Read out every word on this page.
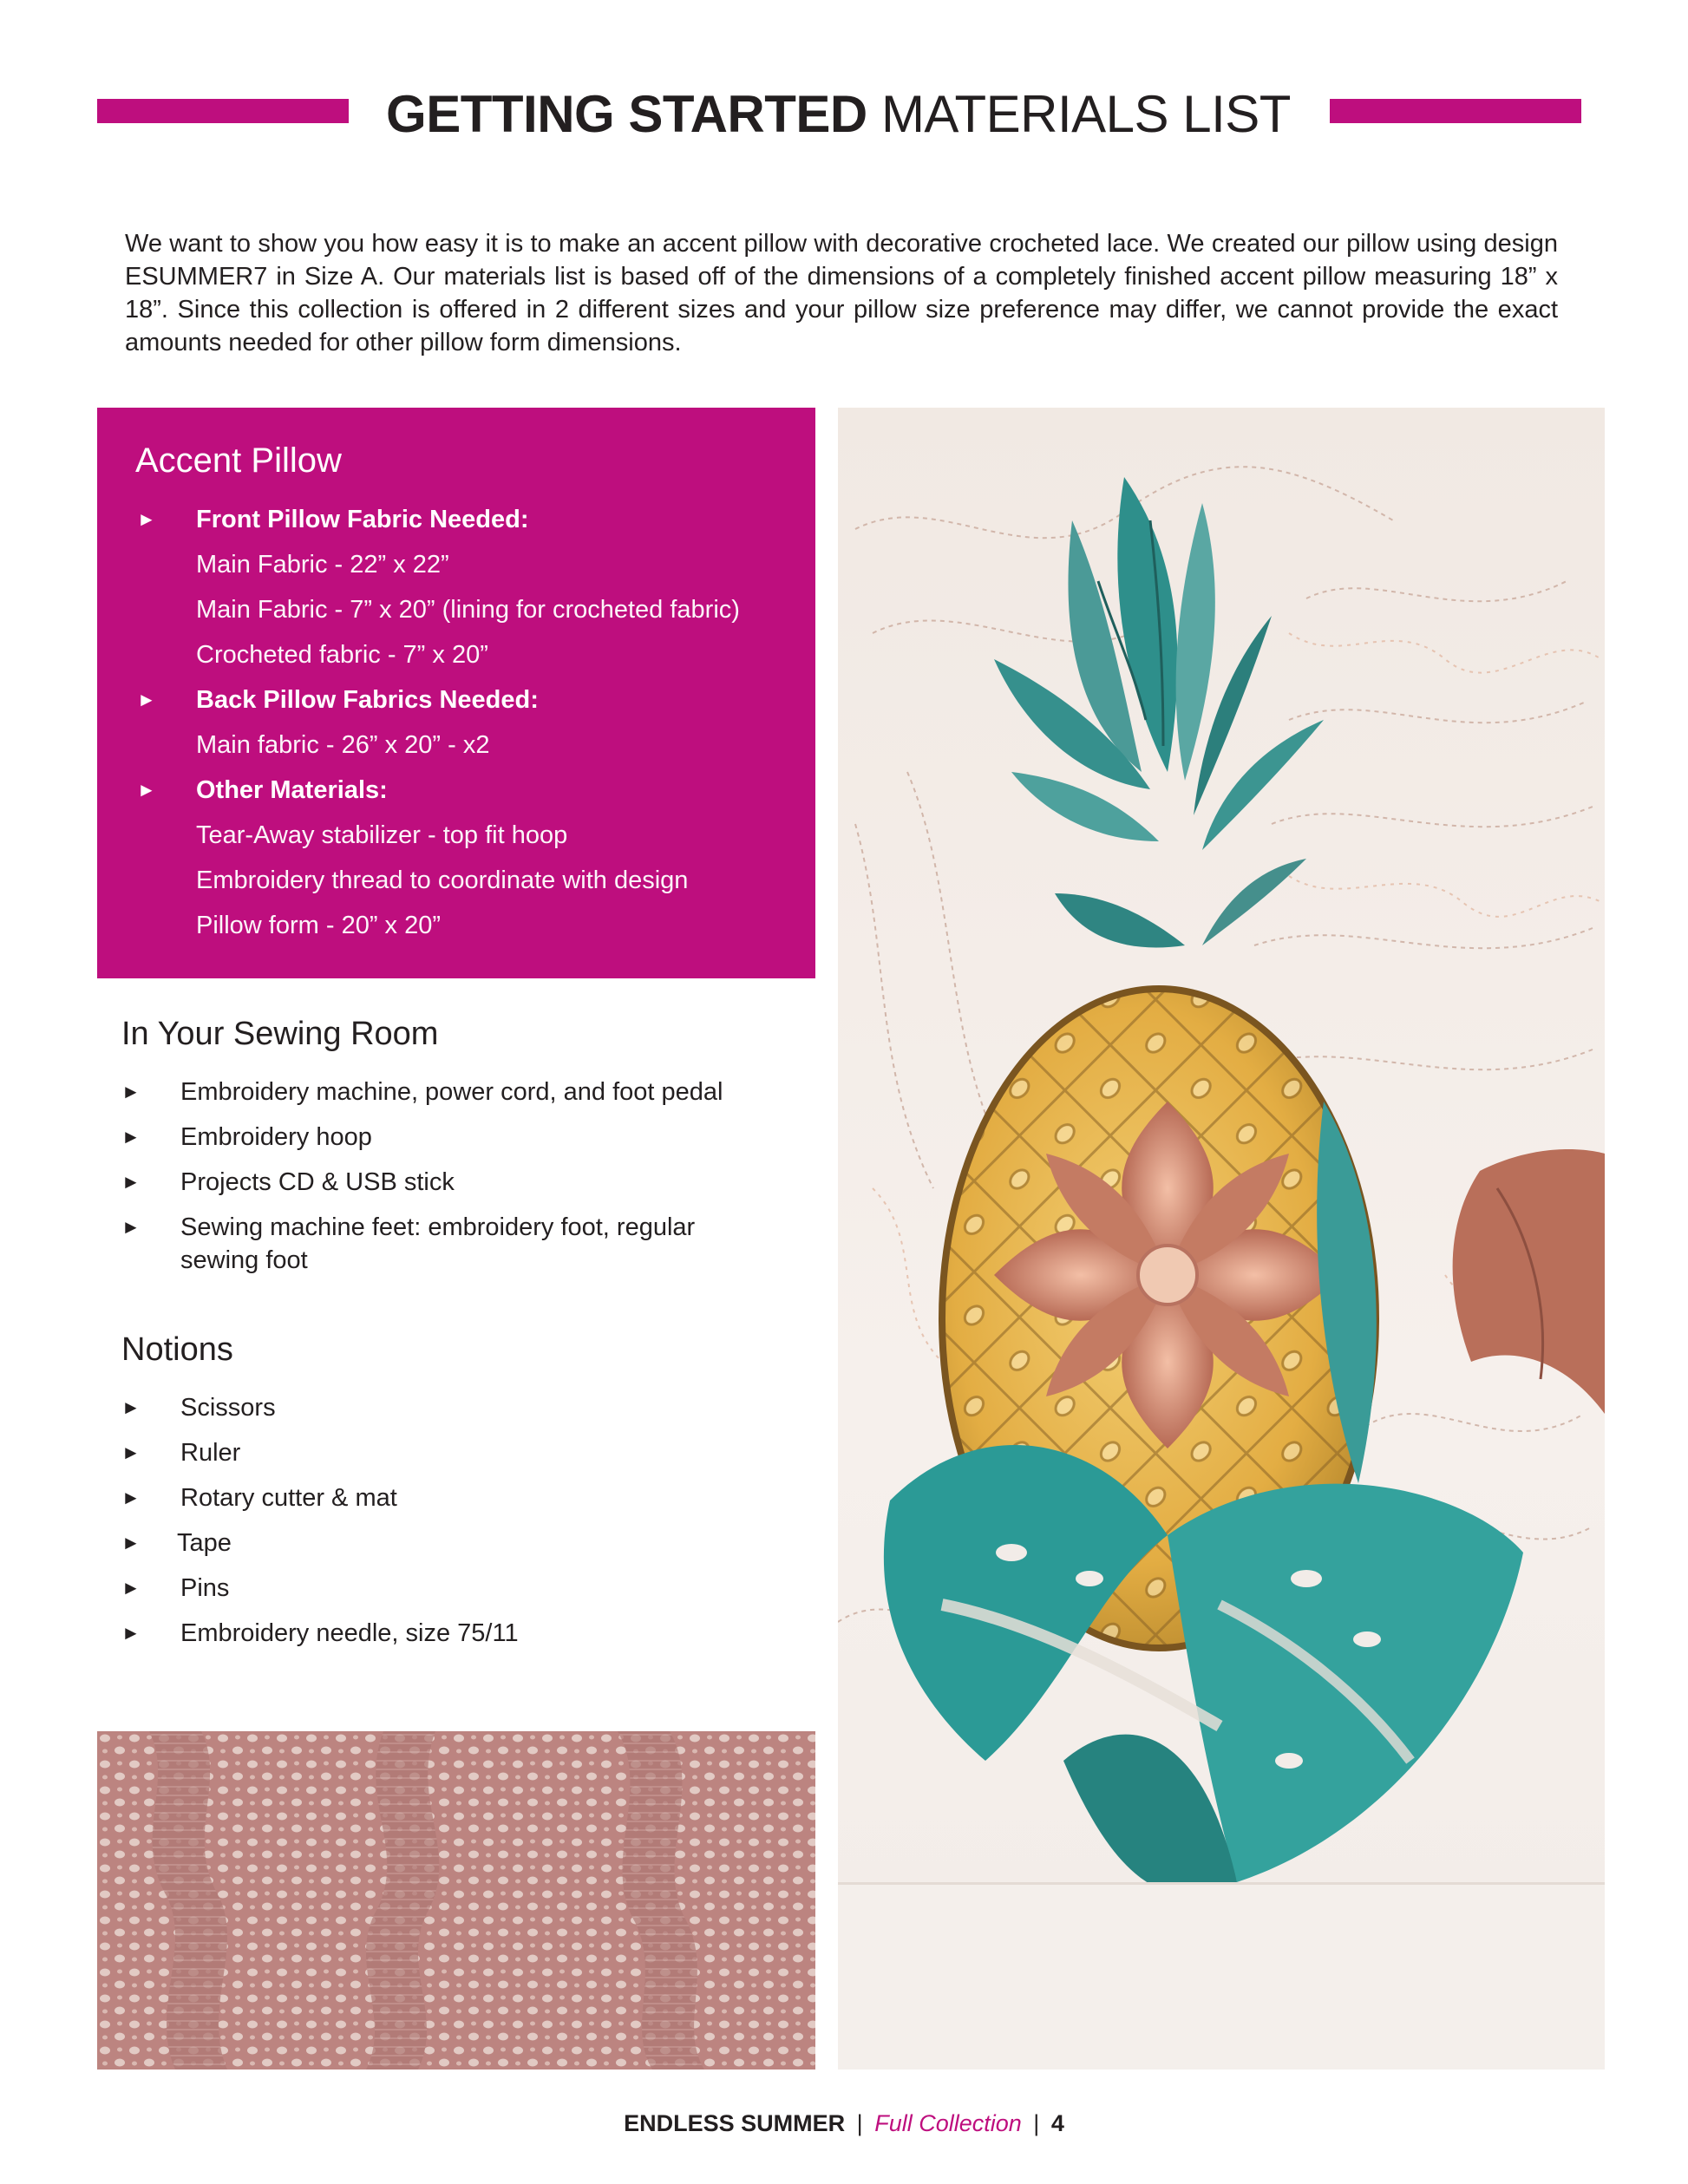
GETTING STARTED MATERIALS LIST

We want to show you how easy it is to make an accent pillow with decorative crocheted lace. We created our pillow using design ESUMMER7 in Size A. Our materials list is based off of the dimensions of a completely finished accent pillow measuring 18” x 18”. Since this collection is offered in 2 different sizes and your pillow size preference may differ, we cannot provide the exact amounts needed for other pillow form dimensions.

Accent Pillow
► Front Pillow Fabric Needed:
Main Fabric - 22” x 22”
Main Fabric - 7” x 20” (lining for crocheted fabric)
Crocheted fabric - 7” x 20”
► Back Pillow Fabrics Needed:
Main fabric - 26” x 20” - x2
► Other Materials:
Tear-Away stabilizer - top fit hoop
Embroidery thread to coordinate with design
Pillow form - 20” x 20”
In Your Sewing Room
► Embroidery machine, power cord, and foot pedal
► Embroidery hoop
► Projects CD & USB stick
► Sewing machine feet: embroidery foot, regular sewing foot
Notions
► Scissors
► Ruler
► Rotary cutter & mat
► Tape
► Pins
► Embroidery needle, size 75/11
ENDLESS SUMMER | Full Collection | 4
